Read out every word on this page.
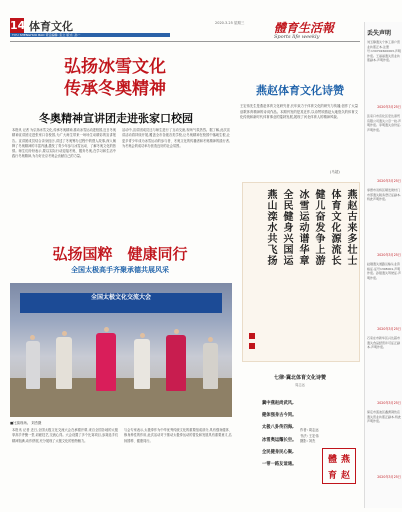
14 体育文化	2020.3.25 星期三 體育生活報
TIYU SHENGHUO BAO 责任编辑: 张立 版式: 孙一	Sports life weekly
弘扬冰雪文化
传承冬奥精神
冬奥精神宣讲团走进张家口校园
本报讯 记者 为弘扬冰雪文化,传承冬奥精神,推动冰雪运动进校园,近日冬奥精神宣讲团走进张家口各校园,为广大师生带来一场场生动精彩的宣讲报告。宣讲团成员结合亲身经历,讲述了冬奥筹办过程中的感人故事,深入阐释了冬奥精神的丰富内涵,激发了青少年参与冰雪运动、了解冬奥文化的热情。师生们纷纷表示,要以实际行动迎接冬奥、服务冬奥,在学习和生活中践行冬奥精神,为办好北京冬奥会贡献自己的力量。
活动中,宣讲团成员还与师生进行了互动交流,现场气氛热烈。据了解,此次宣讲活动将持续开展,覆盖全市各级各类学校,让冬奥精神在校园中落地生根,让更多青少年成为冰雪运动的参与者、冬奥文化的传播者和冬奥精神的践行者,为冬奥会的成功举办营造良好的社会氛围。
弘扬国粹　健康同行
全国太极高手齐聚承德共展风采
全国太极文化交流大会
■比赛现场。 刘杰摄
本报讯 记者 近日,全国太极文化交流大会在承德开幕,来自全国各地的太极拳高手齐聚一堂,切磋技艺,交流心得。大会设置了多个比赛项目,参赛选手们精神饱满,动作舒展,充分展现了太极文化的独特魅力。
与会专家表示,太极拳作为中华优秀传统文化的重要组成部分,具有强身健体、修身养性的作用,此次活动对于推动太极拳运动的普及和发展具有重要意义,弘扬国粹、健康同行。
燕赵体育文化诗赞
王宏伟先生是燕赵体育文化研究者,长年致力于体育文化的研究与传播,创作了大量讴歌体育精神的诗词作品。本期刊发的是其近作,以诗赞颂燕赵大地悠久的体育文化传统和新时代体育事业的蓬勃发展,展现了河北体育人的精神风貌。
(马超)
燕赵古来多壮士
体育文化源流长
健儿奋发争上游
冰雪运动谱华章
全民健身兴国运
燕山滦水共飞扬
七律·冀北体育文化诗赞
周志远
冀中燕赵尚武风,
健体强身古今同。
太极八卦传四海,
冰雪奥运耀长空。
全民健身民心聚,
一带一路友谊通。
作者: 周志远
书法: 王宏伟
摄影: 刘杰
燕
赵
體
育
丢失声明
刘玉静遗失个体工商户营业执照正本,注册号:130702600063,声明作废。王丽丽遗失营业执照副本,声明作废。
2020年3月25日
张家口市宣化区宏达商贸有限公司遗失公章一枚,声明作废。李明遗失身份证,声明作废。
2020年3月25日
承德市双桥区顺发建材门市部遗失税务登记证副本,特此声明作废。
2020年3月25日
赵刚遗失道路运输从业资格证,证号1308001,声明作废。孙强遗失驾驶证,声明作废。
2020年3月25日
石家庄市新华区兴达超市遗失食品经营许可证正副本,声明作废。
2020年3月25日
保定市莲池区鑫源餐饮店遗失营业执照正副本,特此声明作废。
2020年3月25日
